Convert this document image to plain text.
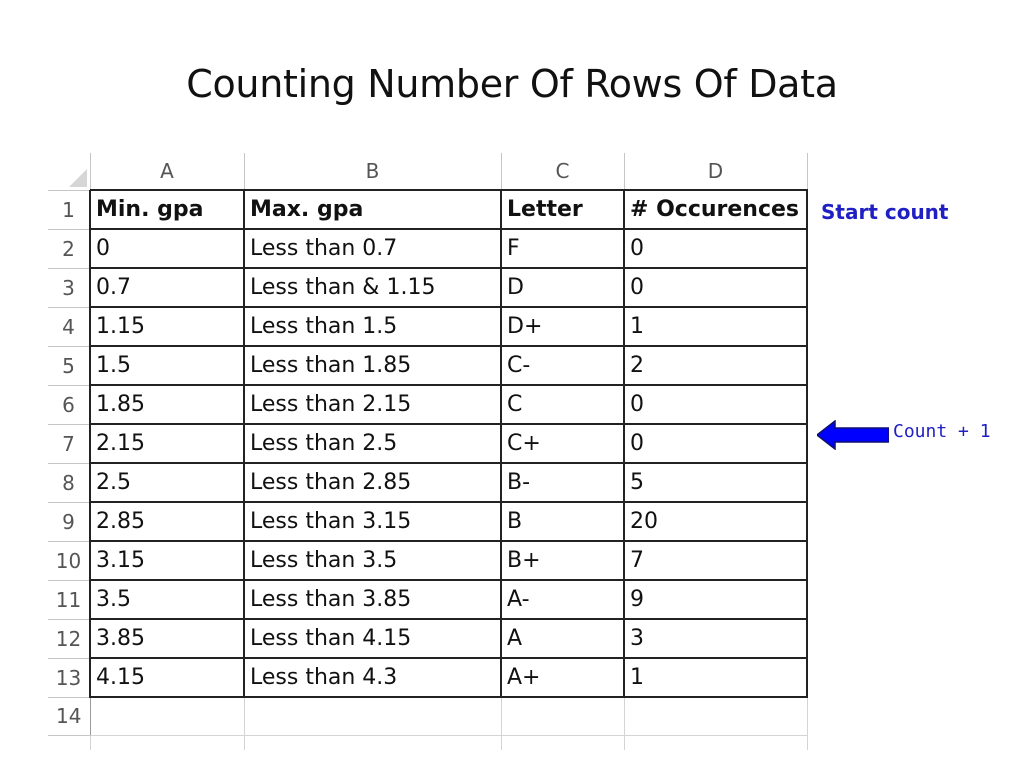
Counting Number Of Rows Of Data
	A	B	C	D
1	Min. gpa	Max. gpa	Letter	# Occurences
2	0	Less than 0.7	F	0
3	0.7	Less than & 1.15	D	0
4	1.15	Less than 1.5	D+	1
5	1.5	Less than 1.85	C-	2
6	1.85	Less than 2.15	C	0
7	2.15	Less than 2.5	C+	0
8	2.5	Less than 2.85	B-	5
9	2.85	Less than 3.15	B	20
10	3.15	Less than 3.5	B+	7
11	3.5	Less than 3.85	A-	9
12	3.85	Less than 4.15	A	3
13	4.15	Less than 4.3	A+	1
14				

Start count
Count + 1
